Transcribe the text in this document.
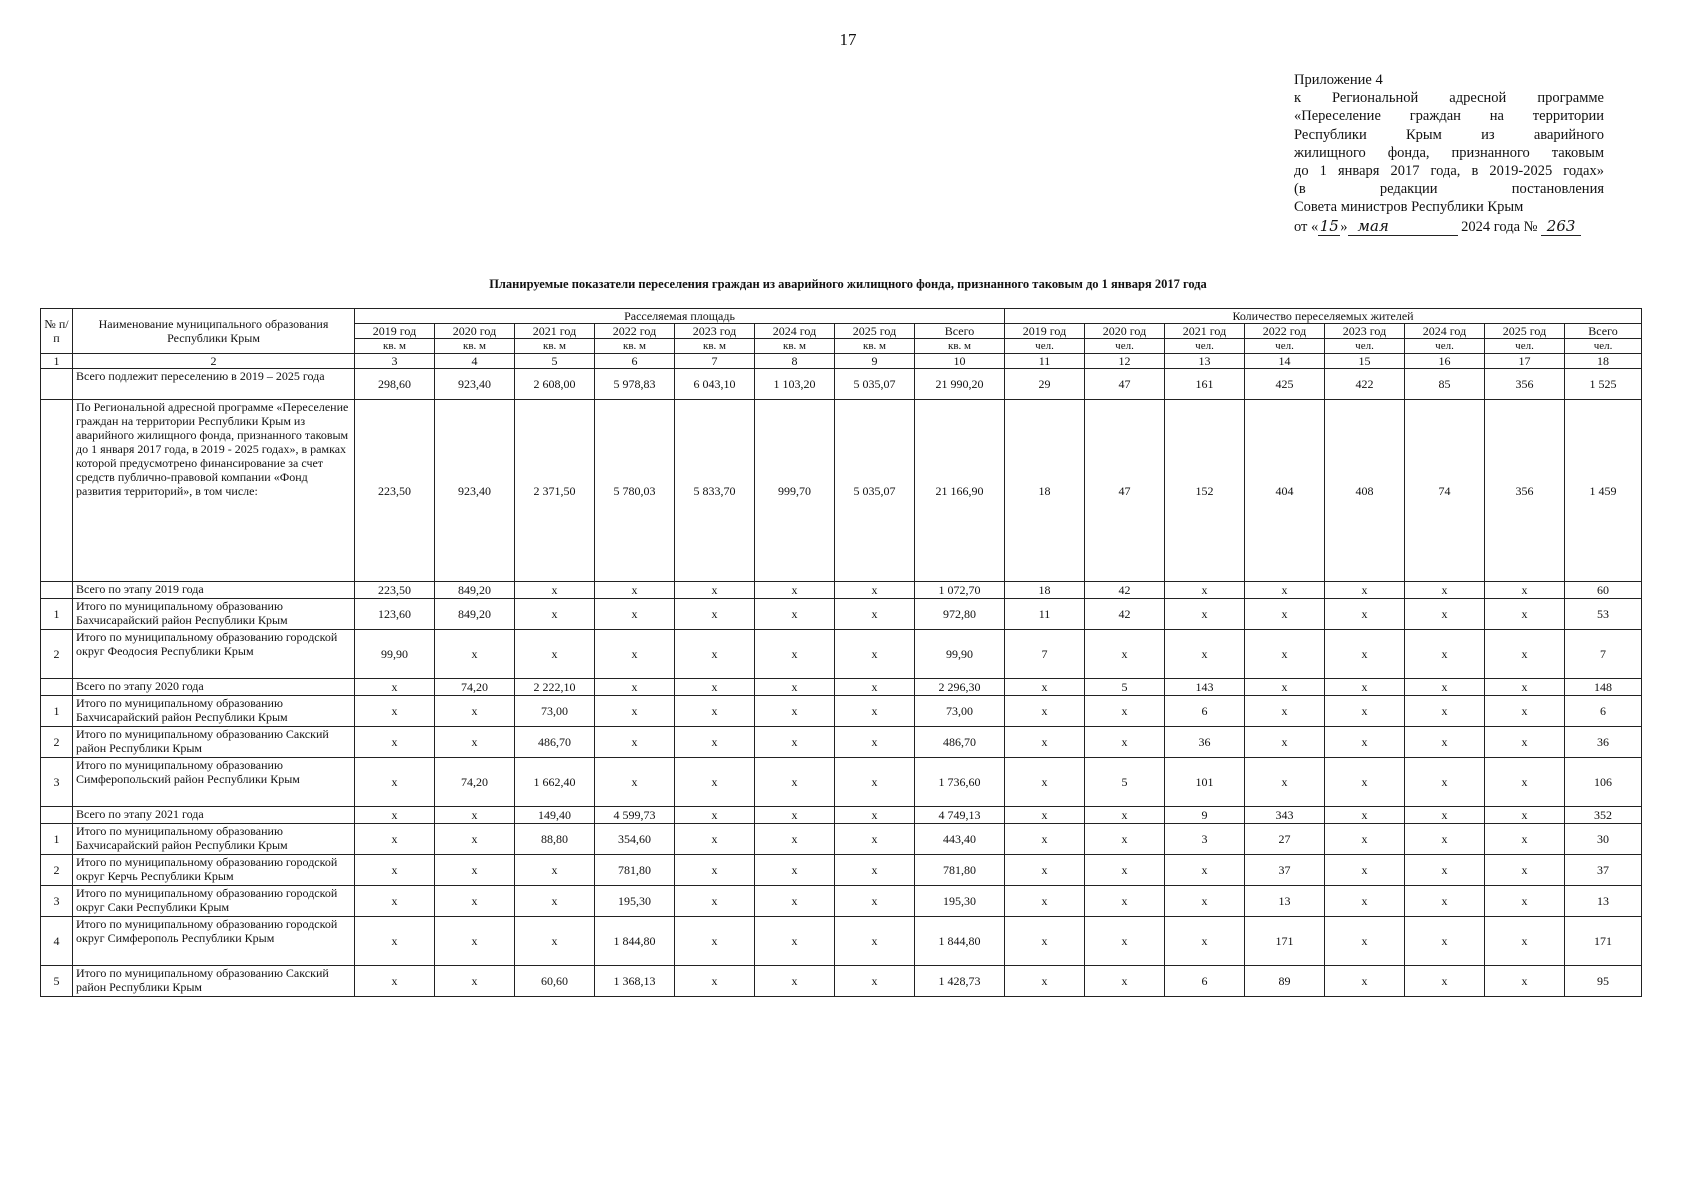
17
Приложение 4
к Региональной адресной программе
«Переселение граждан на территории
Республики Крым из аварийного
жилищного фонда, признанного таковым
до 1 января 2017 года, в 2019-2025 годах»
(в редакции постановления
Совета министров Республики Крым
от «15» мая	2024 года № 263
Планируемые показатели переселения граждан из аварийного жилищного фонда, признанного таковым до 1 января 2017 года
№ п/п	Наименование муниципального образования Республики Крым	Расселяемая площадь								Количество переселяемых жителей							
		2019 год	2020 год	2021 год	2022 год	2023 год	2024 год	2025 год	Всего	2019 год	2020 год	2021 год	2022 год	2023 год	2024 год	2025 год	Всего
		кв. м	кв. м	кв. м	кв. м	кв. м	кв. м	кв. м	кв. м	чел.	чел.	чел.	чел.	чел.	чел.	чел.	чел.
1	2	3	4	5	6	7	8	9	10	11	12	13	14	15	16	17	18
	Всего подлежит переселению в 2019 – 2025 года	298,60	923,40	2 608,00	5 978,83	6 043,10	1 103,20	5 035,07	21 990,20	29	47	161	425	422	85	356	1 525
	По Региональной адресной программе «Переселение граждан на территории Республики Крым из аварийного жилищного фонда, признанного таковым до 1 января 2017 года, в 2019 - 2025 годах», в рамках которой предусмотрено финансирование за счет средств публично-правовой компании «Фонд развития территорий», в том числе:	223,50	923,40	2 371,50	5 780,03	5 833,70	999,70	5 035,07	21 166,90	18	47	152	404	408	74	356	1 459
	Всего по этапу 2019 года	223,50	849,20	x	x	x	x	x	1 072,70	18	42	x	x	x	x	x	60
1	Итого по муниципальному образованию Бахчисарайский район Республики Крым	123,60	849,20	x	x	x	x	x	972,80	11	42	x	x	x	x	x	53
2	Итого по муниципальному образованию городской округ Феодосия Республики Крым	99,90	x	x	x	x	x	x	99,90	7	x	x	x	x	x	x	7
	Всего по этапу 2020 года	x	74,20	2 222,10	x	x	x	x	2 296,30	x	5	143	x	x	x	x	148
1	Итого по муниципальному образованию Бахчисарайский район Республики Крым	x	x	73,00	x	x	x	x	73,00	x	x	6	x	x	x	x	6
2	Итого по муниципальному образованию Сакский район Республики Крым	x	x	486,70	x	x	x	x	486,70	x	x	36	x	x	x	x	36
3	Итого по муниципальному образованию Симферопольский район Республики Крым	x	74,20	1 662,40	x	x	x	x	1 736,60	x	5	101	x	x	x	x	106
	Всего по этапу 2021 года	x	x	149,40	4 599,73	x	x	x	4 749,13	x	x	9	343	x	x	x	352
1	Итого по муниципальному образованию Бахчисарайский район Республики Крым	x	x	88,80	354,60	x	x	x	443,40	x	x	3	27	x	x	x	30
2	Итого по муниципальному образованию городской округ Керчь Республики Крым	x	x	x	781,80	x	x	x	781,80	x	x	x	37	x	x	x	37
3	Итого по муниципальному образованию городской округ Саки Республики Крым	x	x	x	195,30	x	x	x	195,30	x	x	x	13	x	x	x	13
4	Итого по муниципальному образованию городской округ Симферополь Республики Крым	x	x	x	1 844,80	x	x	x	1 844,80	x	x	x	171	x	x	x	171
5	Итого по муниципальному образованию Сакский район Республики Крым	x	x	60,60	1 368,13	x	x	x	1 428,73	x	x	6	89	x	x	x	95
